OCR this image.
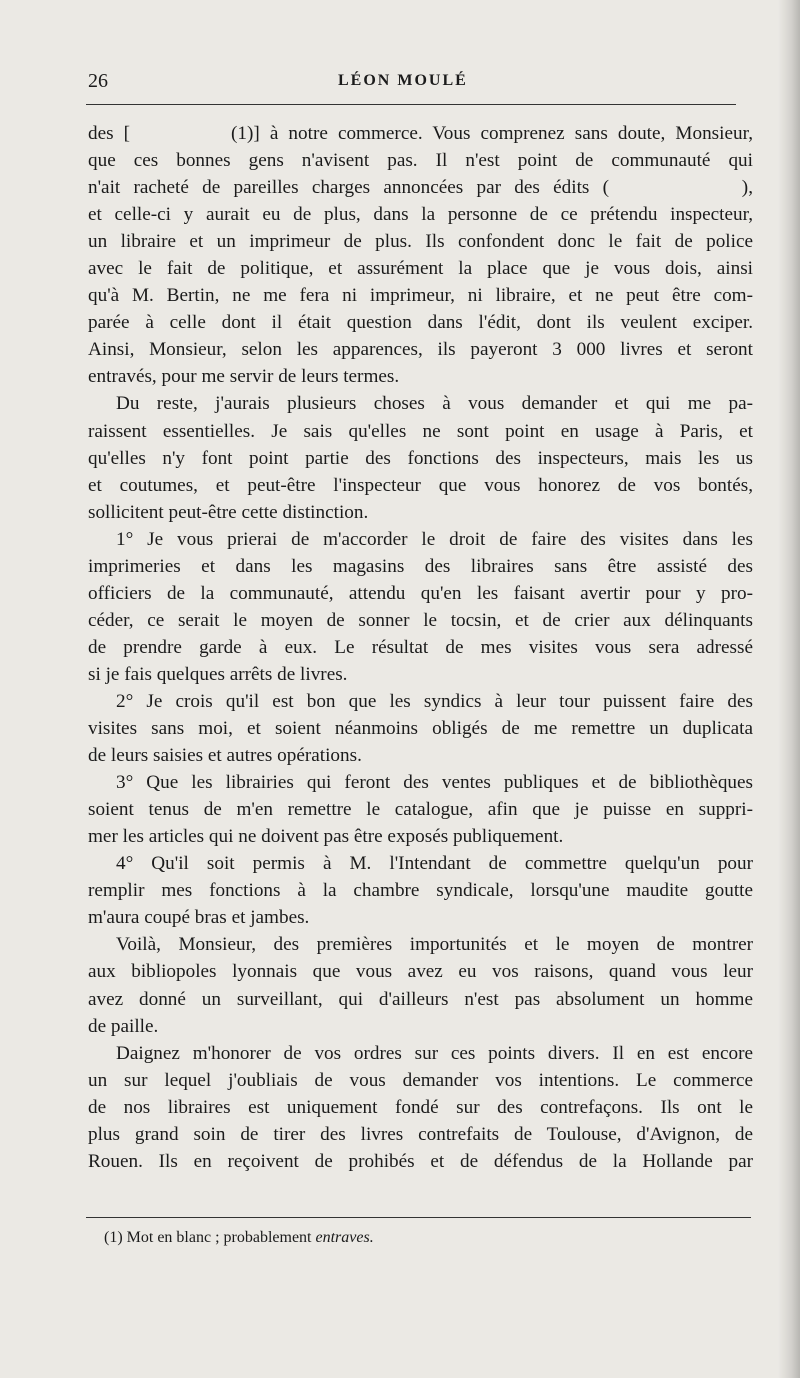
26	LÉON MOULÉ
des [          (1)] à notre commerce. Vous comprenez sans doute, Monsieur,
que ces bonnes gens n'avisent pas. Il n'est point de communauté qui
n'ait racheté de pareilles charges annoncées par des édits (          ),
et celle-ci y aurait eu de plus, dans la personne de ce prétendu inspecteur,
un libraire et un imprimeur de plus. Ils confondent donc le fait de police
avec le fait de politique, et assurément la place que je vous dois, ainsi
qu'à M. Bertin, ne me fera ni imprimeur, ni libraire, et ne peut être com-
parée à celle dont il était question dans l'édit, dont ils veulent exciper.
Ainsi, Monsieur, selon les apparences, ils payeront 3 000 livres et seront
entravés, pour me servir de leurs termes.
Du reste, j'aurais plusieurs choses à vous demander et qui me pa-
raissent essentielles. Je sais qu'elles ne sont point en usage à Paris, et
qu'elles n'y font point partie des fonctions des inspecteurs, mais les us
et coutumes, et peut-être l'inspecteur que vous honorez de vos bontés,
sollicitent peut-être cette distinction.
1° Je vous prierai de m'accorder le droit de faire des visites dans les
imprimeries et dans les magasins des libraires sans être assisté des
officiers de la communauté, attendu qu'en les faisant avertir pour y pro-
céder, ce serait le moyen de sonner le tocsin, et de crier aux délinquants
de prendre garde à eux. Le résultat de mes visites vous sera adressé
si je fais quelques arrêts de livres.
2° Je crois qu'il est bon que les syndics à leur tour puissent faire des
visites sans moi, et soient néanmoins obligés de me remettre un duplicata
de leurs saisies et autres opérations.
3° Que les librairies qui feront des ventes publiques et de bibliothèques
soient tenus de m'en remettre le catalogue, afin que je puisse en suppri-
mer les articles qui ne doivent pas être exposés publiquement.
4° Qu'il soit permis à M. l'Intendant de commettre quelqu'un pour
remplir mes fonctions à la chambre syndicale, lorsqu'une maudite goutte
m'aura coupé bras et jambes.
Voilà, Monsieur, des premières importunités et le moyen de montrer
aux bibliopoles lyonnais que vous avez eu vos raisons, quand vous leur
avez donné un surveillant, qui d'ailleurs n'est pas absolument un homme
de paille.
Daignez m'honorer de vos ordres sur ces points divers. Il en est encore
un sur lequel j'oubliais de vous demander vos intentions. Le commerce
de nos libraires est uniquement fondé sur des contrefaçons. Ils ont le
plus grand soin de tirer des livres contrefaits de Toulouse, d'Avignon, de
Rouen. Ils en reçoivent de prohibés et de défendus de la Hollande par
(1) Mot en blanc ; probablement entraves.
